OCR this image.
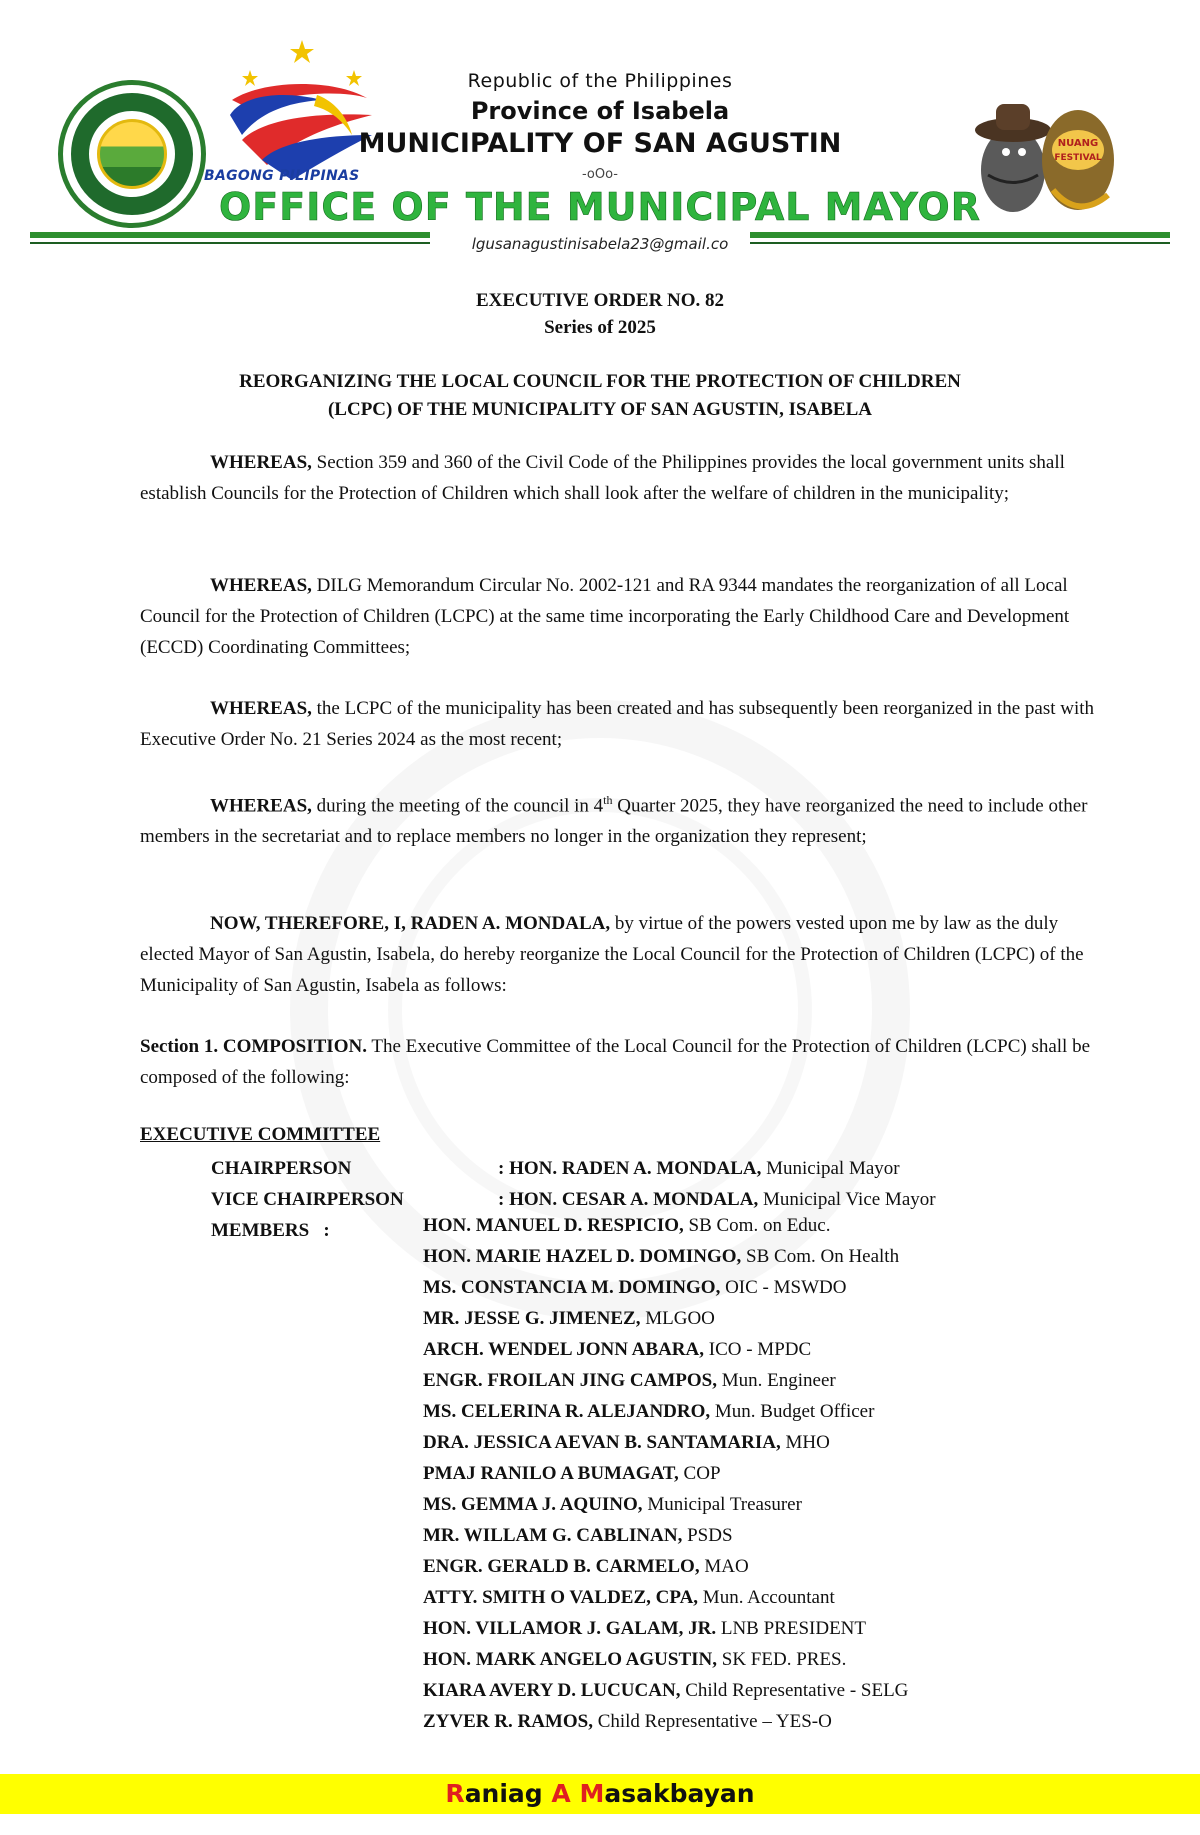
BAGONG PILIPINAS
Republic of the Philippines
Province of Isabela
MUNICIPALITY OF SAN AGUSTIN
-oOo-
OFFICE OF THE MUNICIPAL MAYOR
NUANG
FESTIVAL
lgusanagustinisabela23@gmail.co
EXECUTIVE ORDER NO. 82
Series of 2025
REORGANIZING THE LOCAL COUNCIL FOR THE PROTECTION OF CHILDREN
(LCPC) OF THE MUNICIPALITY OF SAN AGUSTIN, ISABELA
WHEREAS, Section 359 and 360 of the Civil Code of the Philippines provides the local government units shall establish Councils for the Protection of Children which shall look after the welfare of children in the municipality;
WHEREAS, DILG Memorandum Circular No. 2002-121 and RA 9344 mandates the reorganization of all Local Council for the Protection of Children (LCPC) at the same time incorporating the Early Childhood Care and Development (ECCD) Coordinating Committees;
WHEREAS, the LCPC of the municipality has been created and has subsequently been reorganized in the past with Executive Order No. 21 Series 2024 as the most recent;
WHEREAS, during the meeting of the council in 4th Quarter 2025, they have reorganized the need to include other members in the secretariat and to replace members no longer in the organization they represent;
NOW, THEREFORE, I, RADEN A. MONDALA, by virtue of the powers vested upon me by law as the duly elected Mayor of San Agustin, Isabela, do hereby reorganize the Local Council for the Protection of Children (LCPC) of the Municipality of San Agustin, Isabela as follows:
Section 1. COMPOSITION. The Executive Committee of the Local Council for the Protection of Children (LCPC) shall be composed of the following:
EXECUTIVE COMMITTEE
CHAIRPERSON	: HON. RADEN A. MONDALA, Municipal Mayor
VICE CHAIRPERSON	: HON. CESAR A. MONDALA, Municipal Vice Mayor
MEMBERS   :	HON. MANUEL D. RESPICIO, SB Com. on Educ.
HON. MARIE HAZEL D. DOMINGO, SB Com. On Health
MS. CONSTANCIA M. DOMINGO, OIC - MSWDO
MR. JESSE G. JIMENEZ, MLGOO
ARCH. WENDEL JONN ABARA, ICO - MPDC
ENGR. FROILAN JING CAMPOS, Mun. Engineer
MS. CELERINA R. ALEJANDRO, Mun. Budget Officer
DRA. JESSICA AEVAN B. SANTAMARIA, MHO
PMAJ RANILO A BUMAGAT, COP
MS. GEMMA J. AQUINO, Municipal Treasurer
MR. WILLAM G. CABLINAN, PSDS
ENGR. GERALD B. CARMELO, MAO
ATTY. SMITH O VALDEZ, CPA, Mun. Accountant
HON. VILLAMOR J. GALAM, JR. LNB PRESIDENT
HON. MARK ANGELO AGUSTIN, SK FED. PRES.
KIARA AVERY D. LUCUCAN, Child Representative - SELG
ZYVER R. RAMOS, Child Representative – YES-O
Raniag A Masakbayan
